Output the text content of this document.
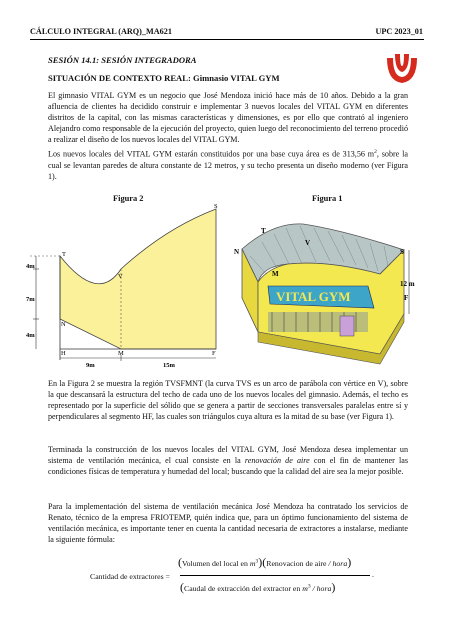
CÁLCULO INTEGRAL (ARQ)_MA621	UPC 2023_01
SESIÓN 14.1: SESIÓN INTEGRADORA
SITUACIÓN DE CONTEXTO REAL: Gimnasio VITAL GYM

El gimnasio VITAL GYM es un negocio que José Mendoza inició hace más de 10 años. Debido a la gran afluencia de clientes ha decidido construir e implementar 3 nuevos locales del VITAL GYM en diferentes distritos de la capital, con las mismas características y dimensiones, es por ello que contrató al ingeniero Alejandro como responsable de la ejecución del proyecto, quien luego del reconocimiento del terreno procedió a realizar el diseño de los nuevos locales del VITAL GYM.

Los nuevos locales del VITAL GYM estarán constituidos por una base cuya área es de 313,56 $m^2$, sobre la cual se levantan paredes de altura constante de 12 metros, y su techo presenta un diseño moderno (ver Figura 1).

Figura 2
T
V
S
N
H	M	F
4m
7m
4m
9m	15m
Figura 1
VITAL GYM
N
T
V
S
M
F
12 m

En la Figura 2 se muestra la región TVSFMNT (la curva TVS es un arco de parábola con vértice en V), sobre la que descansará la estructura del techo de cada uno de los nuevos locales del gimnasio. Además, el techo es representado por la superficie del sólido que se genera a partir de secciones transversales paralelas entre sí y perpendiculares al segmento HF, las cuales son triángulos cuya altura es la mitad de su base (ver Figura 1).

Terminada la construcción de los nuevos locales del VITAL GYM, José Mendoza desea implementar un sistema de ventilación mecánica, el cual consiste en la renovación de aire con el fin de mantener las condiciones físicas de temperatura y humedad del local; buscando que la calidad del aire sea la mejor posible.

Para la implementación del sistema de ventilación mecánica José Mendoza ha contratado los servicios de Renato, técnico de la empresa FRIOTEMP, quién indica que, para un óptimo funcionamiento del sistema de ventilación mecánica, es importante tener en cuenta la cantidad necesaria de extractores a instalarse, mediante la siguiente fórmula:

Cantidad de extractores =
(Volumen del local en $m^3)(Renovacion$ de aire / hora)
(Caudal de extracción del extractor en $m^3$ / hora)
.
